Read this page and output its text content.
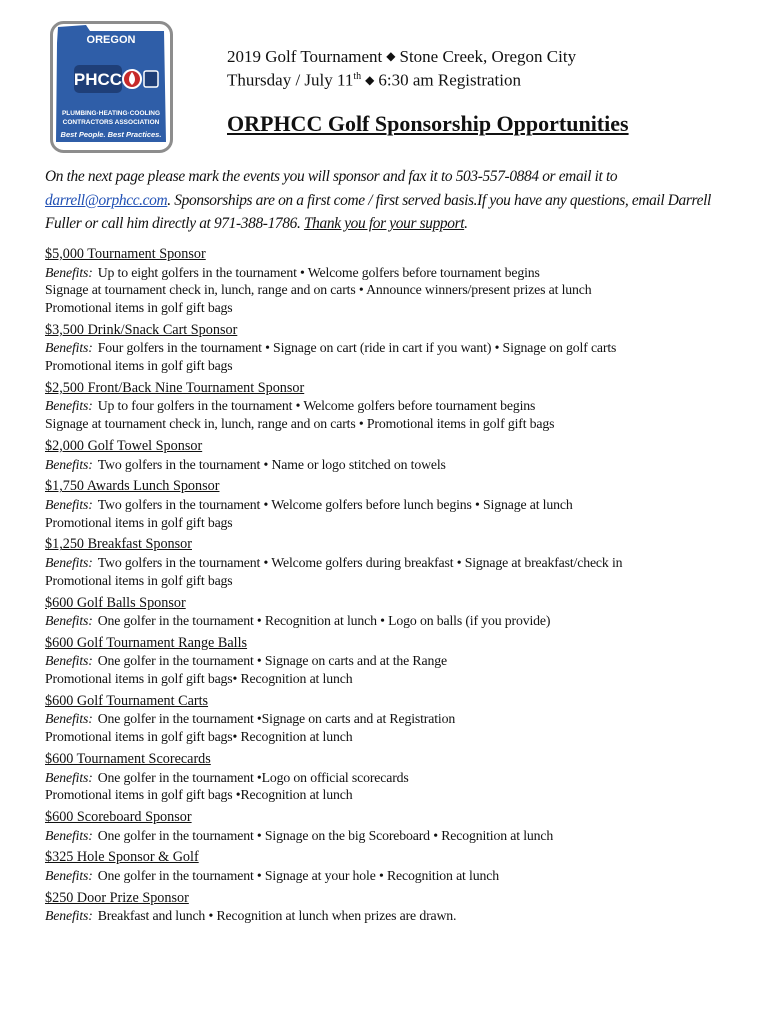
OREGON
PHCC
PLUMBING·HEATING·COOLING
CONTRACTORS ASSOCIATION
Best People. Best Practices.

2019 Golf Tournament ◆ Stone Creek, Oregon City

Thursday / July 11th ◆ 6:30 am Registration

ORPHCC Golf Sponsorship Opportunities
On the next page please mark the events you will sponsor and fax it to 503-557-0884 or email it to darrell@orphcc.com. Sponsorships are on a first come / first served basis.If you have any questions, email Darrell Fuller or call him directly at 971-388-1786. Thank you for your support.

$5,000 Tournament Sponsor

Benefits: Up to eight golfers in the tournament • Welcome golfers before tournament begins

Signage at tournament check in, lunch, range and on carts • Announce winners/present prizes at lunch

Promotional items in golf gift bags

$3,500 Drink/Snack Cart Sponsor

Benefits: Four golfers in the tournament • Signage on cart (ride in cart if you want) • Signage on golf carts

Promotional items in golf gift bags

$2,500 Front/Back Nine Tournament Sponsor

Benefits: Up to four golfers in the tournament • Welcome golfers before tournament begins

Signage at tournament check in, lunch, range and on carts • Promotional items in golf gift bags

$2,000 Golf Towel Sponsor

Benefits: Two golfers in the tournament • Name or logo stitched on towels

$1,750 Awards Lunch Sponsor

Benefits: Two golfers in the tournament • Welcome golfers before lunch begins • Signage at lunch

Promotional items in golf gift bags

$1,250 Breakfast Sponsor

Benefits: Two golfers in the tournament • Welcome golfers during breakfast • Signage at breakfast/check in

Promotional items in golf gift bags

$600 Golf Balls Sponsor

Benefits: One golfer in the tournament • Recognition at lunch • Logo on balls (if you provide)

$600 Golf Tournament Range Balls

Benefits: One golfer in the tournament • Signage on carts and at the Range

Promotional items in golf gift bags• Recognition at lunch

$600 Golf Tournament Carts

Benefits: One golfer in the tournament •Signage on carts and at Registration

Promotional items in golf gift bags• Recognition at lunch

$600 Tournament Scorecards

Benefits: One golfer in the tournament •Logo on official scorecards

Promotional items in golf gift bags •Recognition at lunch

$600 Scoreboard Sponsor

Benefits: One golfer in the tournament • Signage on the big Scoreboard • Recognition at lunch

$325 Hole Sponsor & Golf

Benefits: One golfer in the tournament • Signage at your hole • Recognition at lunch

$250 Door Prize Sponsor

Benefits: Breakfast and lunch • Recognition at lunch when prizes are drawn.
